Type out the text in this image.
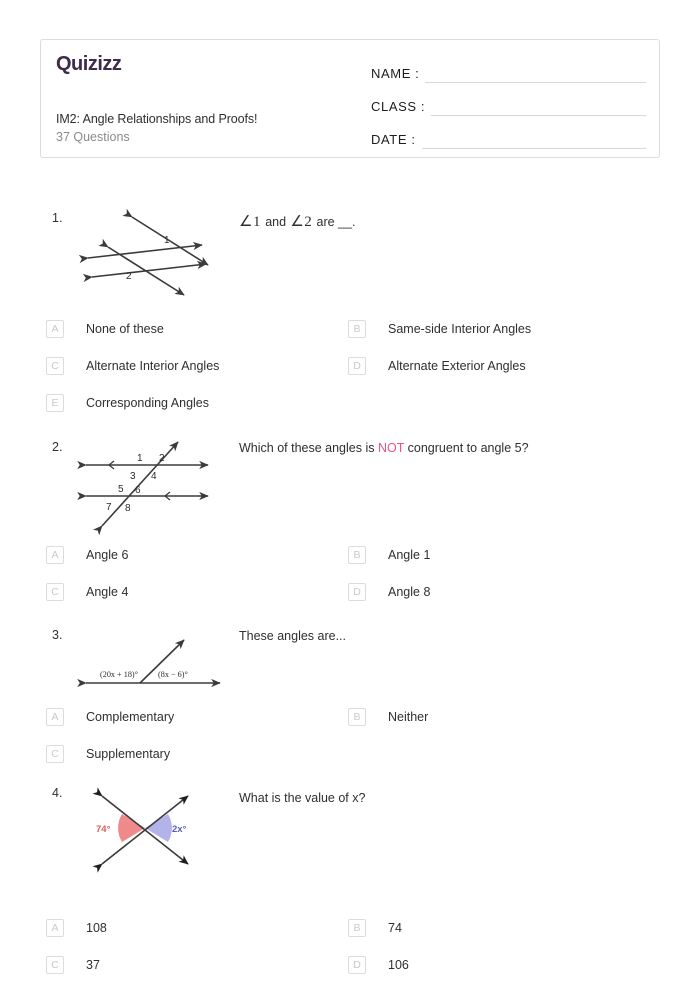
Quizizz
IM2: Angle Relationships and Proofs!
37 Questions
NAME :
CLASS :
DATE :
1.
1
2
∠1 and ∠2 are __.
A	None of these	B	Same-side Interior Angles
C	Alternate Interior Angles	D	Alternate Exterior Angles
E	Corresponding Angles
2.
1 2
3 4
5 6
7 8
Which of these angles is NOT congruent to angle 5?
A	Angle 6	B	Angle 1
C	Angle 4	D	Angle 8
3.
(20x + 18)° (8x − 6)°
These angles are...
A	Complementary	B	Neither
C	Supplementary
4.
74°	2x°
What is the value of x?
A	108	B	74
C	37	D	106
